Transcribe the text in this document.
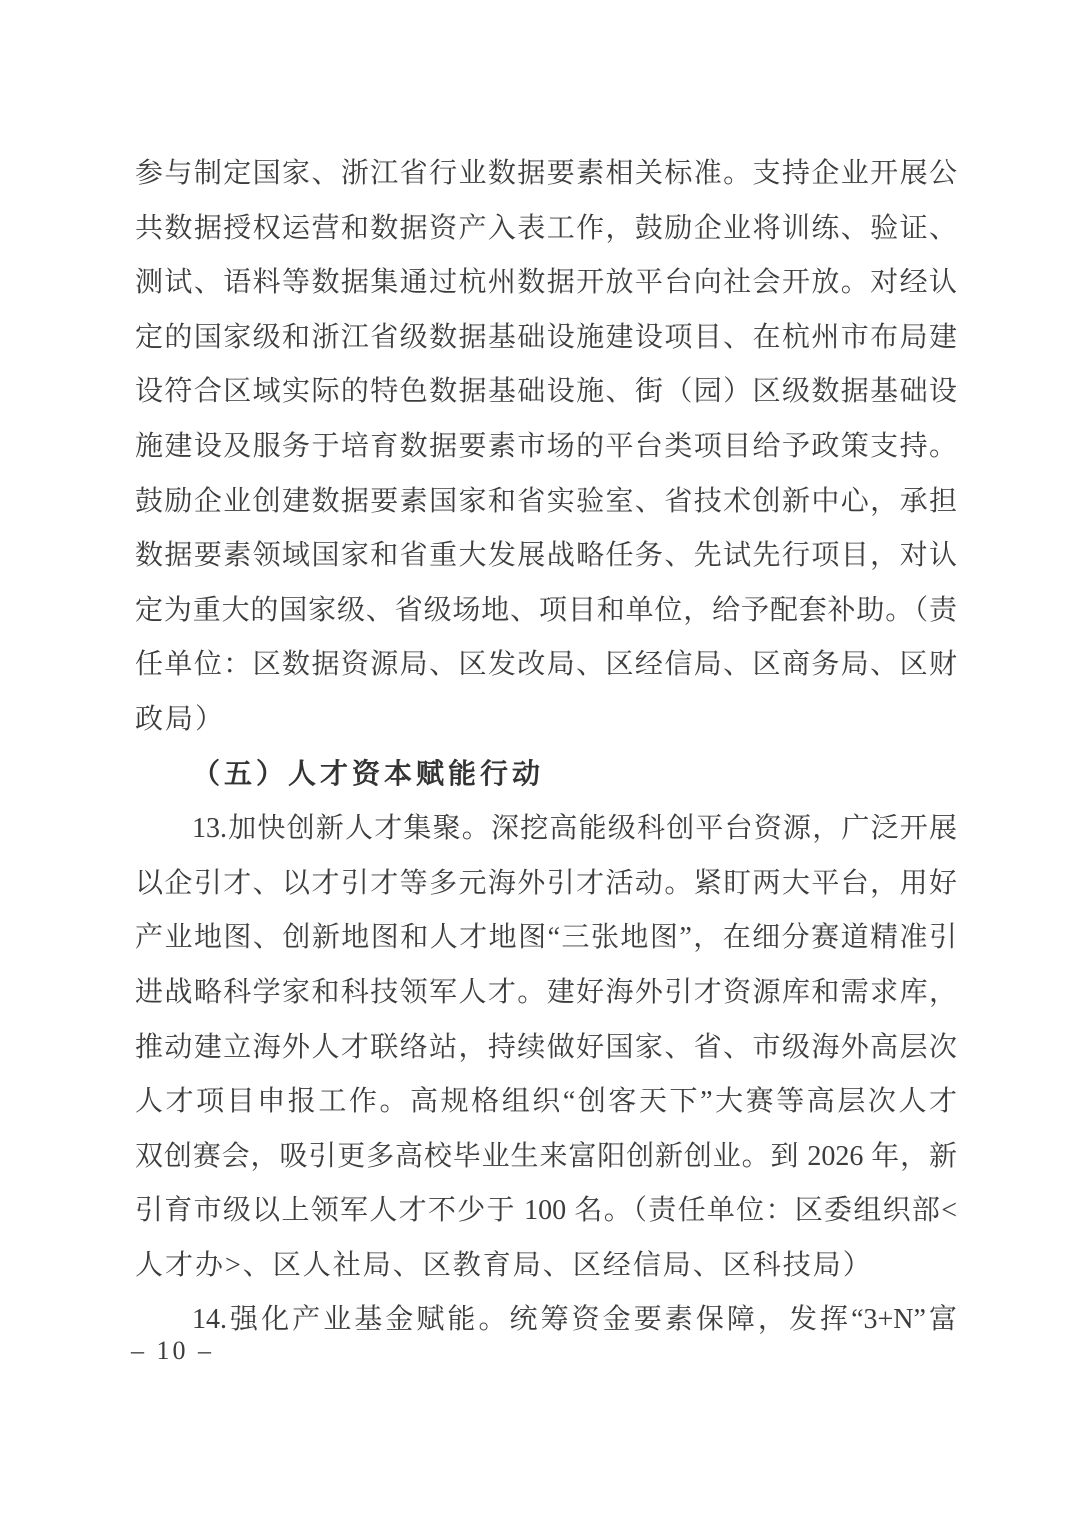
参与制定国家、浙江省行业数据要素相关标准。支持企业开展公
共数据授权运营和数据资产入表工作，鼓励企业将训练、验证、
测试、语料等数据集通过杭州数据开放平台向社会开放。对经认
定的国家级和浙江省级数据基础设施建设项目、在杭州市布局建
设符合区域实际的特色数据基础设施、街（园）区级数据基础设
施建设及服务于培育数据要素市场的平台类项目给予政策支持。
鼓励企业创建数据要素国家和省实验室、省技术创新中心，承担
数据要素领域国家和省重大发展战略任务、先试先行项目，对认
定为重大的国家级、省级场地、项目和单位，给予配套补助。（责
任单位：区数据资源局、区发改局、区经信局、区商务局、区财
政局）
（五）人才资本赋能行动
13.加快创新人才集聚。深挖高能级科创平台资源，广泛开展
以企引才、以才引才等多元海外引才活动。紧盯两大平台，用好
产业地图、创新地图和人才地图“三张地图”，在细分赛道精准引
进战略科学家和科技领军人才。建好海外引才资源库和需求库，
推动建立海外人才联络站，持续做好国家、省、市级海外高层次
人才项目申报工作。高规格组织“创客天下”大赛等高层次人才
双创赛会，吸引更多高校毕业生来富阳创新创业。到 2026 年，新
引育市级以上领军人才不少于 100 名。（责任单位：区委组织部<
人才办>、区人社局、区教育局、区经信局、区科技局）
14.强化产业基金赋能。统筹资金要素保障，发挥“3+N”富
– 10 –
